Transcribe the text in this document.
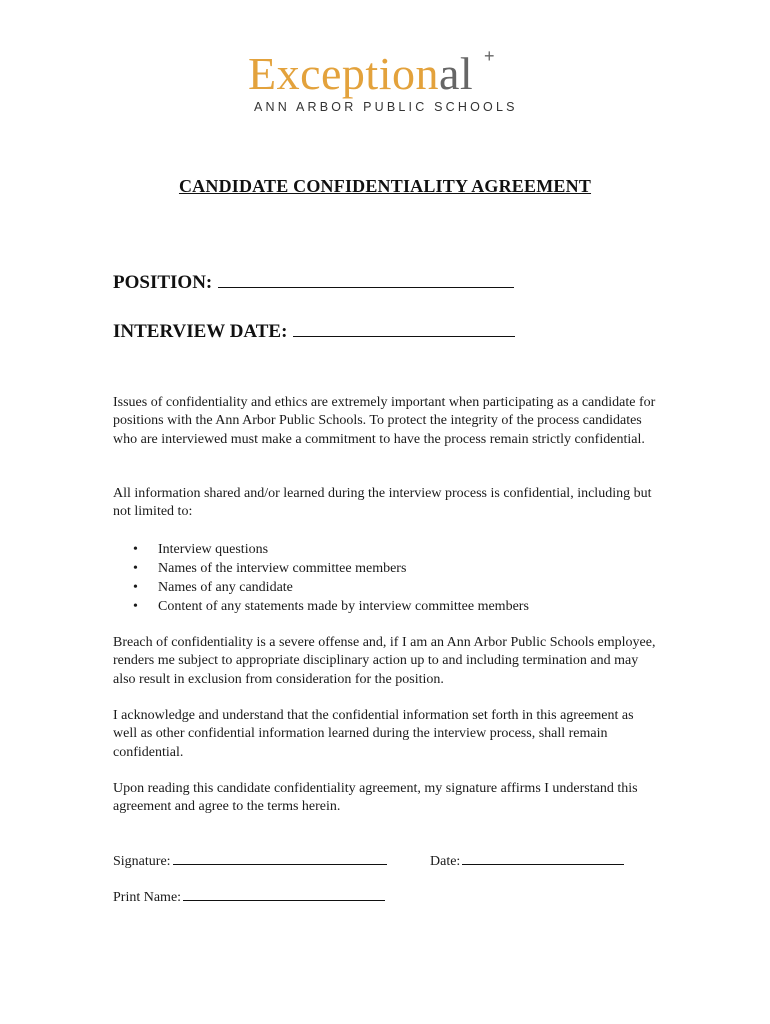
Exceptional +
ANN ARBOR PUBLIC SCHOOLS
CANDIDATE CONFIDENTIALITY AGREEMENT
POSITION:
INTERVIEW DATE:

Issues of confidentiality and ethics are extremely important when participating as a candidate for positions with the Ann Arbor Public Schools. To protect the integrity of the process candidates who are interviewed must make a commitment to have the process remain strictly confidential.

All information shared and/or learned during the interview process is confidential, including but not limited to:

• Interview questions
• Names of the interview committee members
• Names of any candidate
• Content of any statements made by interview committee members

Breach of confidentiality is a severe offense and, if I am an Ann Arbor Public Schools employee, renders me subject to appropriate disciplinary action up to and including termination and may also result in exclusion from consideration for the position.

I acknowledge and understand that the confidential information set forth in this agreement as well as other confidential information learned during the interview process, shall remain confidential.

Upon reading this candidate confidentiality agreement, my signature affirms I understand this agreement and agree to the terms herein.

Signature:	Date:
Print Name:
